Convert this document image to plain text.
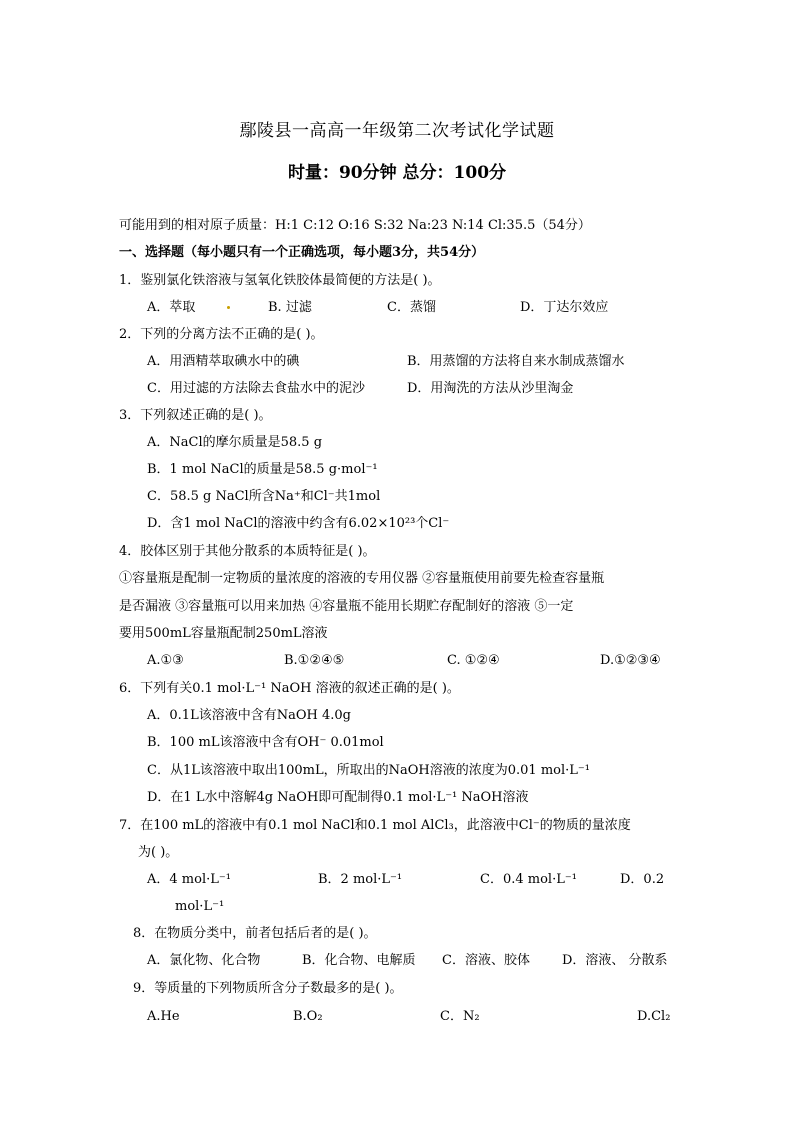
鄢陵县一高高一年级第二次考试化学试题
时量：90分钟 总分：100分
可能用到的相对原子质量：H:1 C:12 O:16 S:32 Na:23 N:14 Cl:35.5（54分）
一、选择题（每小题只有一个正确选项，每小题3分，共54分）
1．鉴别氯化铁溶液与氢氧化铁胶体最简便的方法是( )。
A．萃取	B. 过滤	C．蒸馏	D．丁达尔效应
2．下列的分离方法不正确的是( )。
A．用酒精萃取碘水中的碘	B．用蒸馏的方法将自来水制成蒸馏水
C．用过滤的方法除去食盐水中的泥沙	D．用淘洗的方法从沙里淘金
3．下列叙述正确的是( )。
A．NaCl的摩尔质量是58.5 g
B．1 mol NaCl的质量是58.5 g·mol⁻¹
C．58.5 g NaCl所含Na⁺和Cl⁻共1mol
D．含1 mol NaCl的溶液中约含有6.02×10²³个Cl⁻
4．胶体区别于其他分散系的本质特征是( )。
①容量瓶是配制一定物质的量浓度的溶液的专用仪器 ②容量瓶使用前要先检查容量瓶
是否漏液 ③容量瓶可以用来加热 ④容量瓶不能用长期贮存配制好的溶液 ⑤一定
要用500mL容量瓶配制250mL溶液
A.①③	B.①②④⑤	C. ①②④	D.①②③④
6．下列有关0.1 mol·L⁻¹ NaOH 溶液的叙述正确的是( )。
A．0.1L该溶液中含有NaOH 4.0g
B．100 mL该溶液中含有OH⁻ 0.01mol
C．从1L该溶液中取出100mL，所取出的NaOH溶液的浓度为0.01 mol·L⁻¹
D．在1 L水中溶解4g NaOH即可配制得0.1 mol·L⁻¹ NaOH溶液
7．在100 mL的溶液中有0.1 mol NaCl和0.1 mol AlCl₃，此溶液中Cl⁻的物质的量浓度
为( )。
A．4 mol·L⁻¹	B．2 mol·L⁻¹	C．0.4 mol·L⁻¹	D．0.2
mol·L⁻¹
8．在物质分类中，前者包括后者的是( )。
A．氯化物、化合物	B．化合物、电解质 C．溶液、胶体 D．溶液、 分散系
9．等质量的下列物质所含分子数最多的是( )。
A.He	B.O₂	C．N₂	D.Cl₂
